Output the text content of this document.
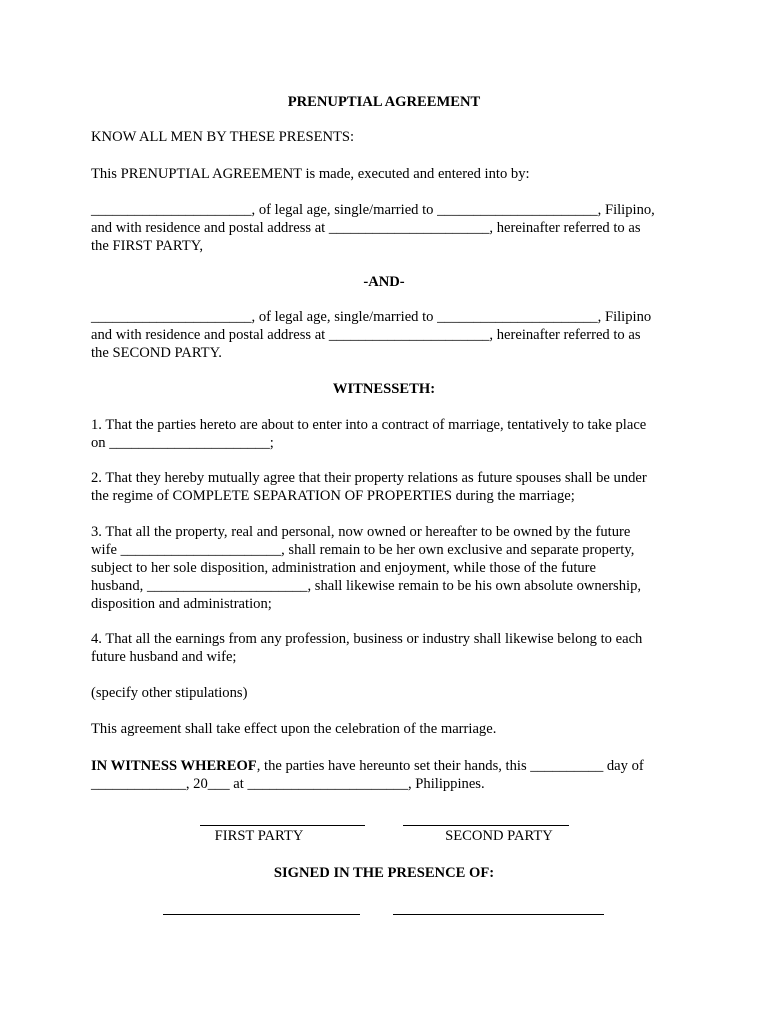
PRENUPTIAL AGREEMENT
KNOW ALL MEN BY THESE PRESENTS:
This PRENUPTIAL AGREEMENT is made, executed and entered into by:
______________________, of legal age, single/married to ______________________, Filipino,
and with residence and postal address at ______________________, hereinafter referred to as
the FIRST PARTY,
-AND-
______________________, of legal age, single/married to ______________________, Filipino
and with residence and postal address at ______________________, hereinafter referred to as
the SECOND PARTY.
WITNESSETH:
1. That the parties hereto are about to enter into a contract of marriage, tentatively to take place
on ______________________;
2. That they hereby mutually agree that their property relations as future spouses shall be under
the regime of COMPLETE SEPARATION OF PROPERTIES during the marriage;
3. That all the property, real and personal, now owned or hereafter to be owned by the future
wife ______________________, shall remain to be her own exclusive and separate property,
subject to her sole disposition, administration and enjoyment, while those of the future
husband, ______________________, shall likewise remain to be his own absolute ownership,
disposition and administration;
4. That all the earnings from any profession, business or industry shall likewise belong to each
future husband and wife;
(specify other stipulations)
This agreement shall take effect upon the celebration of the marriage.
IN WITNESS WHEREOF, the parties have hereunto set their hands, this __________ day of
_____________, 20___ at ______________________, Philippines.
FIRST PARTY	SECOND PARTY
SIGNED IN THE PRESENCE OF:
